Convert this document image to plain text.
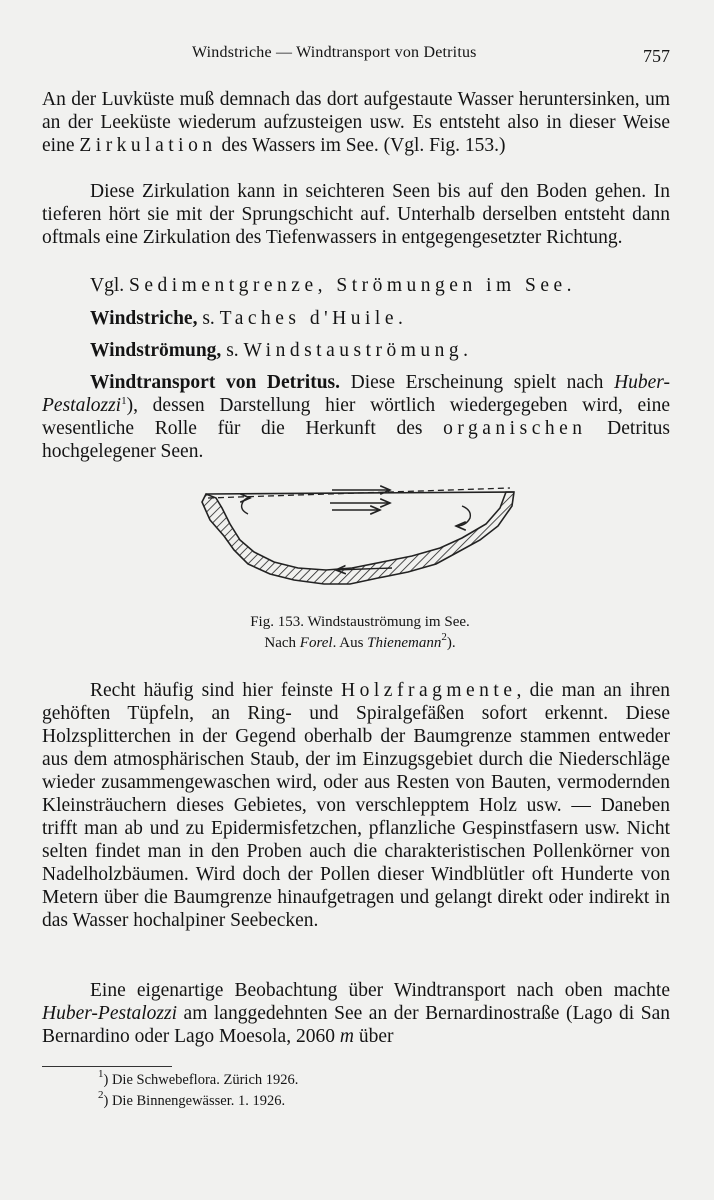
Windstriche — Windtransport von Detritus	757

An der Luvküste muß demnach das dort aufgestaute Wasser heruntersinken, um an der Leeküste wiederum aufzusteigen usw. Es entsteht also in dieser Weise eine Zirkulation des Wassers im See. (Vgl. Fig. 153.)

Diese Zirkulation kann in seichteren Seen bis auf den Boden gehen. In tieferen hört sie mit der Sprungschicht auf. Unterhalb derselben entsteht dann oftmals eine Zirkulation des Tiefenwassers in entgegengesetzter Richtung.

Vgl. Sedimentgrenze, Strömungen im See.

Windstriche, s. Taches d'Huile.

Windströmung, s. Windstauströmung.

Windtransport von Detritus. Diese Erscheinung spielt nach Huber-Pestalozzi$^1$), dessen Darstellung hier wörtlich wiedergegeben wird, eine wesentliche Rolle für die Herkunft des organischen Detritus hochgelegener Seen.

Fig. 153. Windstauströmung im See.
Nach Forel. Aus Thienemann$^2$).

Recht häufig sind hier feinste Holzfragmente, die man an ihren gehöften Tüpfeln, an Ring- und Spiralgefäßen sofort erkennt. Diese Holzsplitterchen in der Gegend oberhalb der Baumgrenze stammen entweder aus dem atmosphärischen Staub, der im Einzugsgebiet durch die Niederschläge wieder zusammengewaschen wird, oder aus Resten von Bauten, vermodernden Kleinsträuchern dieses Gebietes, von verschlepptem Holz usw. — Daneben trifft man ab und zu Epidermisfetzchen, pflanzliche Gespinstfasern usw. Nicht selten findet man in den Proben auch die charakteristischen Pollenkörner von Nadelholzbäumen. Wird doch der Pollen dieser Windblütler oft Hunderte von Metern über die Baumgrenze hinaufgetragen und gelangt direkt oder indirekt in das Wasser hochalpiner Seebecken.

Eine eigenartige Beobachtung über Windtransport nach oben machte Huber-Pestalozzi am langgedehnten See an der Bernardinostraße (Lago di San Bernardino oder Lago Moesola, 2060 m über

$^1$) Die Schwebeflora. Zürich 1926.
$^2$) Die Binnengewässer. 1. 1926.
